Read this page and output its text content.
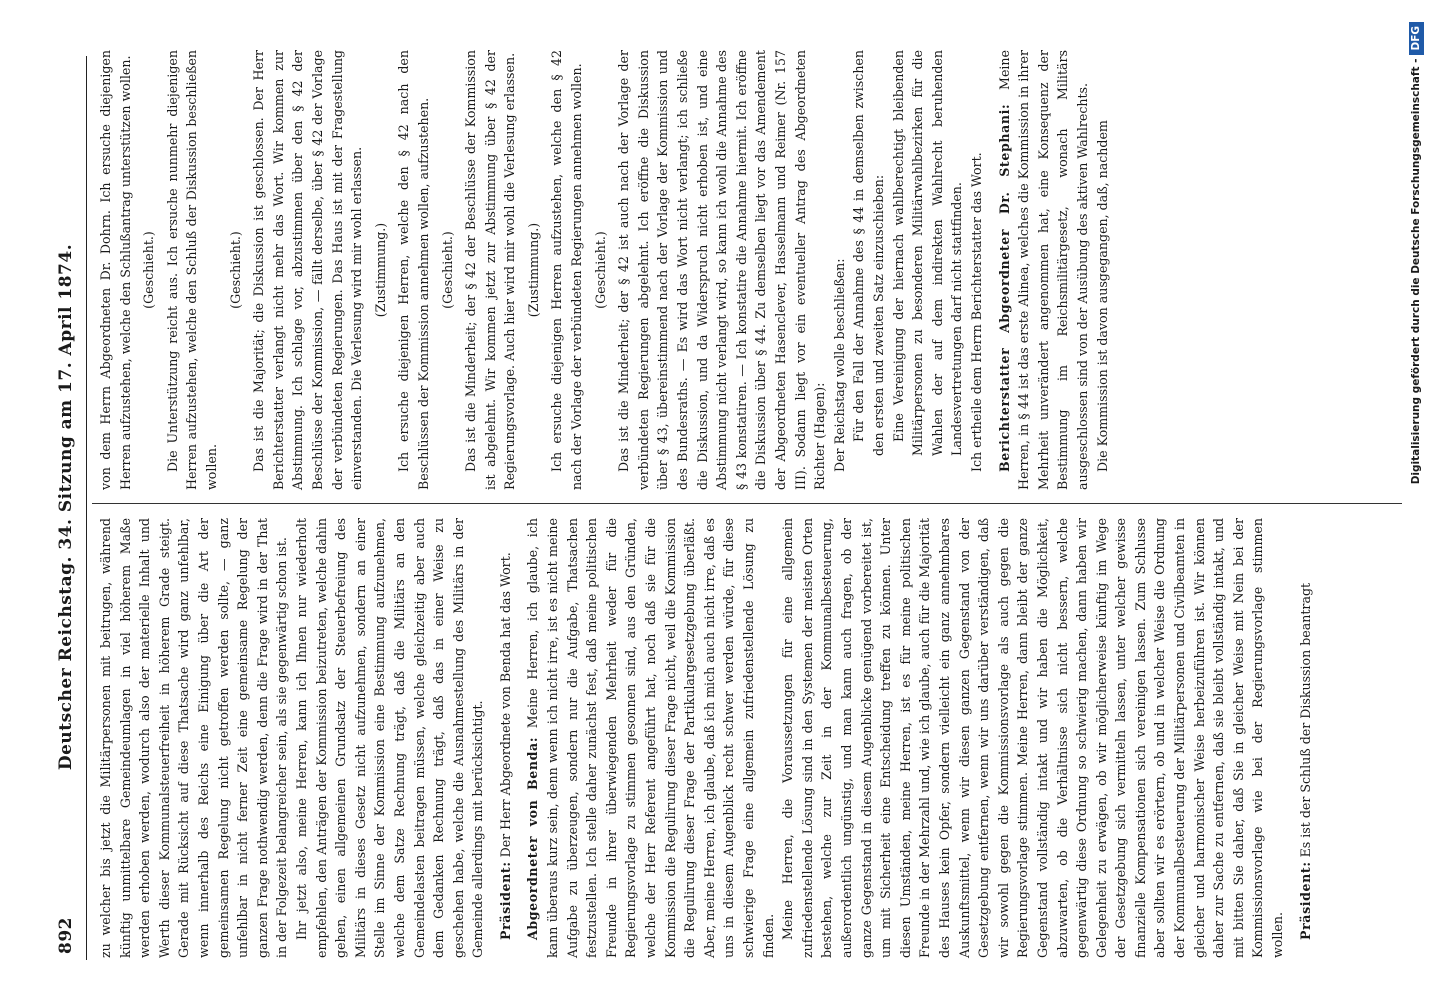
892
Deutscher Reichstag. 34. Sitzung am 17. April 1874. zu welcher bis jetzt die Militärpersonen mit beitrugen, während künftig unmittelbare Gemeindeumlagen in viel höherem Maße werden erhoben werden, wodurch also der materielle Inhalt und Werth dieser Kommunalsteuerfreiheit in höherem Grade steigt. Gerade mit Rücksicht auf diese Thatsache wird ganz unfehlbar, wenn innerhalb des Reichs eine Einigung über die Art der gemeinsamen Regelung nicht getroffen werden sollte, — ganz unfehlbar in nicht ferner Zeit eine gemeinsame Regelung der ganzen Frage nothwendig werden, denn die Frage wird in der That in der Folgezeit belangreicher sein, als sie gegenwärtig schon ist. Ihr jetzt also, meine Herren, kann ich Ihnen nur wiederholt empfehlen, den Anträgen der Kommission beizutreten, welche dahin gehen, einen allgemeinen Grundsatz der Steuerbefreiung des Militärs in dieses Gesetz nicht aufzunehmen, sondern an einer Stelle im Sinne der Kommission eine Bestimmung aufzunehmen, welche dem Satze Rechnung trägt, daß die Militärs an den Gemeindelasten beitragen müssen, welche gleichzeitig aber auch dem Gedanken Rechnung trägt, daß das in einer Weise zu geschehen habe, welche die Ausnahmestellung des Militärs in der Gemeinde allerdings mit berücksichtigt. Präsident: Der Herr Abgeordnete von Benda hat das Wort. Abgeordneter von Benda: Meine Herren, ich glaube, ich kann überaus kurz sein, denn wenn ich nicht irre, ist es nicht meine Aufgabe zu überzeugen, sondern nur die Aufgabe, Thatsachen festzustellen. Ich stelle daher zunächst fest, daß meine politischen Freunde in ihrer überwiegenden Mehrheit weder für die Regierungsvorlage zu stimmen gesonnen sind, aus den Gründen, welche der Herr Referent angeführt hat, noch daß sie für die Kommission die Regulirung dieser Frage nicht, weil die Kommission die Regulirung dieser Frage der Partikulargesetzgebung überläßt. Aber, meine Herren, ich glaube, daß ich mich auch nicht irre, daß es uns in diesem Augenblick recht schwer werden würde, für diese schwierige Frage eine allgemein zufriedenstellende Lösung zu finden. Meine Herren, die Voraussetzungen für eine allgemein zufriedenstellende Lösung sind in den Systemen der meisten Orten bestehen, welche zur Zeit in der Kommunalbesteuerung, außerordentlich ungünstig, und man kann auch fragen, ob der ganze Gegenstand in diesem Augenblicke genügend vorbereitet ist, um mit Sicherheit eine Entscheidung treffen zu können. Unter diesen Umständen, meine Herren, ist es für meine politischen Freunde in der Mehrzahl und, wie ich glaube, auch für die Majorität des Hauses kein Opfer, sondern vielleicht ein ganz annehmbares Auskunftsmittel, wenn wir diesen ganzen Gegenstand von der Gesetzgebung entfernen, wenn wir uns darüber verständigen, daß wir sowohl gegen die Kommissionsvorlage als auch gegen die Regierungsvorlage stimmen. Meine Herren, dann bleibt der ganze Gegenstand vollständig intakt und wir haben die Möglichkeit, abzuwarten, ob die Verhältnisse sich nicht bessern, welche gegenwärtig diese Ordnung so schwierig machen, dann haben wir Gelegenheit zu erwägen, ob wir möglicherweise künftig im Wege der Gesetzgebung sich vermitteln lassen, unter welcher gewisse finanzielle Kompensationen sich vereinigen lassen. Zum Schlusse aber sollten wir es erörtern, ob und in welcher Weise die Ordnung der Kommunalbesteuerung der Militärpersonen und Civilbeamten in gleicher und harmonischer Weise herbeizuführen ist. Wir können daher zur Sache zu entfernen, daß sie bleibt vollständig intakt, und mit bitten Sie daher, daß Sie in gleicher Weise mit Nein bei der Kommissionsvorlage wie bei der Regierungsvorlage stimmen wollen. Präsident: Es ist der Schluß der Diskussion beantragt

von dem Herrn Abgeordneten Dr. Dohrn. Ich ersuche diejenigen Herren aufzustehen, welche den Schlußantrag unterstützen wollen. (Geschieht.) Die Unterstützung reicht aus. Ich ersuche nunmehr diejenigen Herren aufzustehen, welche den Schluß der Diskussion beschließen wollen.

(Geschieht.) Das ist die Majorität; die Diskussion ist geschlossen. Der Herr Berichterstatter verlangt nicht mehr das Wort. Wir kommen zur Abstimmung. Ich schlage vor, abzustimmen über den § 42 der Beschlüsse der Kommission, — fällt derselbe, über § 42 der Vorlage der verbündeten Regierungen. Das Haus ist mit der Fragestellung einverstanden. Die Verlesung wird mir wohl erlassen. (Zustimmung.) Ich ersuche diejenigen Herren, welche den § 42 nach den Beschlüssen der Kommission annehmen wollen, aufzustehen. (Geschieht.) Das ist die Minderheit; der § 42 der Beschlüsse der Kommission ist abgelehnt. Wir kommen jetzt zur Abstimmung über § 42 der Regierungsvorlage. Auch hier wird mir wohl die Verlesung erlassen. (Zustimmung.) Ich ersuche diejenigen Herren aufzustehen, welche den § 42 nach der Vorlage der verbündeten Regierungen annehmen wollen. (Geschieht.) Das ist die Minderheit; der § 42 ist auch nach der Vorlage der verbündeten Regierungen abgelehnt. Ich eröffne die Diskussion über § 43, übereinstimmend nach der Vorlage der Kommission und des Bundesraths. — Es wird das Wort nicht verlangt; ich schließe die Diskussion, und da Widerspruch nicht erhoben ist, und eine Abstimmung nicht verlangt wird, so kann ich wohl die Annahme des § 43 konstatiren. — Ich konstatire die Annahme hiermit. Ich eröffne die Diskussion über § 44. Zu demselben liegt vor das Amendement der Abgeordneten Hasenclever, Hasselmann und Reimer (Nr. 157 III). Sodann liegt vor ein eventueller Antrag des Abgeordneten Richter (Hagen): Der Reichstag wolle beschließen: Für den Fall der Annahme des § 44 in demselben zwischen den ersten und zweiten Satz einzuschieben: Eine Vereinigung der hiernach wahlberechtigt bleibenden Militärpersonen zu besonderen Militärwahlbezirken für die Wahlen der auf dem indirekten Wahlrecht beruhenden Landesvertretungen darf nicht stattfinden. Ich ertheile dem Herrn Berichterstatter das Wort. Berichterstatter Abgeordneter Dr. Stephani: Meine Herren, in § 44 ist das erste Alinea, welches die Kommission in ihrer Mehrheit unverändert angenommen hat, eine Konsequenz der Bestimmung im Reichsmilitärgesetz, wonach Militärs ausgeschlossen sind von der Ausübung des aktiven Wahlrechts. Die Kommission ist davon ausgegangen, daß, nachdem	Digitalisierung gefördert durch die Deutsche Forschungsgemeinschaft -DFG
